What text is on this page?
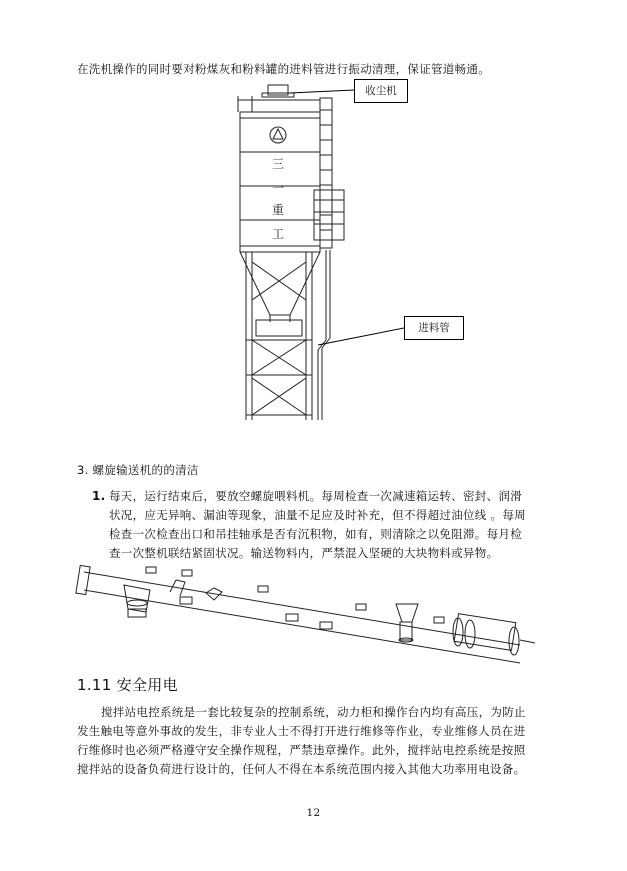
在洗机操作的同时要对粉煤灰和粉料罐的进料管进行振动清理，保证管道畅通。
三
一
重
工
收尘机
进料管
3. 螺旋输送机的的清洁
1. 每天，运行结束后，要放空螺旋喂料机。每周检查一次减速箱运转、密封、润滑
状况，应无异响、漏油等现象，油量不足应及时补充，但不得超过油位线 。每周
检查一次检查出口和吊挂轴承是否有沉积物，如有，则清除之以免阻滞。每月检
查一次整机联结紧固状况。输送物料内，严禁混入坚硬的大块物料或异物。
1.11 安全用电
搅拌站电控系统是一套比较复杂的控制系统，动力柜和操作台内均有高压，为防止
发生触电等意外事故的发生，非专业人士不得打开进行维修等作业，专业维修人员在进
行维修时也必须严格遵守安全操作规程，严禁违章操作。此外，搅拌站电控系统是按照
搅拌站的设备负荷进行设计的，任何人不得在本系统范围内接入其他大功率用电设备。
12
